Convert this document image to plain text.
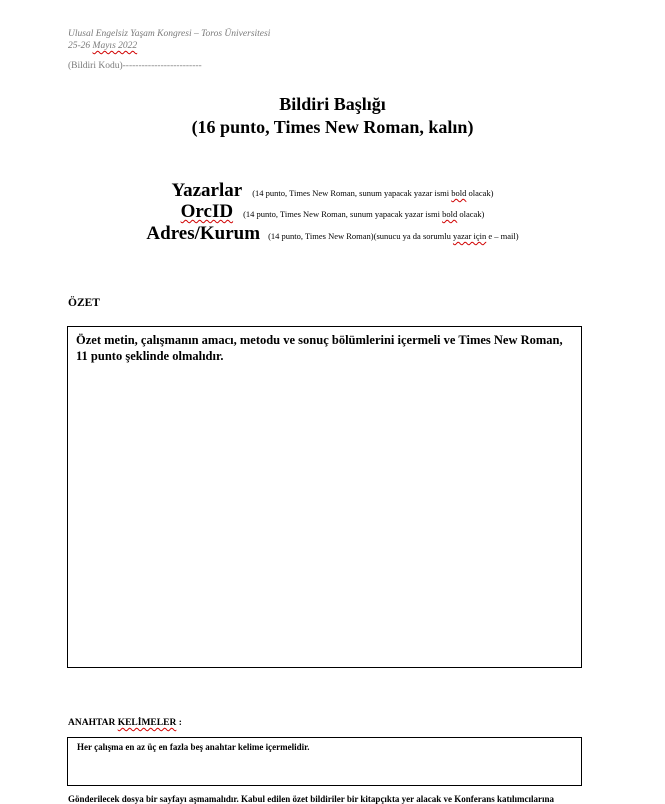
Ulusal Engelsiz Yaşam Kongresi – Toros Üniversitesi
25-26 Mayıs 2022
(Bildiri Kodu)-------------------------
Bildiri Başlığı
(16 punto, Times New Roman, kalın)
Yazarlar (14 punto, Times New Roman, sunum yapacak yazar ismi bold olacak)
OrcID (14 punto, Times New Roman, sunum yapacak yazar ismi bold olacak)
Adres/Kurum (14 punto, Times New Roman)(sunucu ya da sorumlu yazar için e – mail)
ÖZET
Özet metin, çalışmanın amacı, metodu ve sonuç bölümlerini içermeli ve Times New Roman, 11 punto şeklinde olmalıdır.
ANAHTAR KELİMELER :
Her çalışma en az üç en fazla beş anahtar kelime içermelidir.
Gönderilecek dosya bir sayfayı aşmamalıdır. Kabul edilen özet bildiriler bir kitapçıkta yer alacak ve Konferans katılımcılarına
